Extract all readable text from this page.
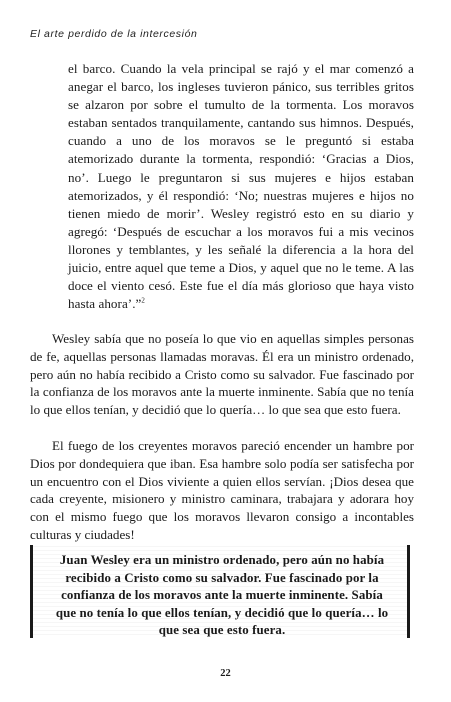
El arte perdido de la intercesión
el barco. Cuando la vela principal se rajó y el mar comenzó a anegar el barco, los ingleses tuvieron pánico, sus terribles gritos se alzaron por sobre el tumulto de la tormenta. Los moravos estaban sentados tranquilamente, cantando sus himnos. Después, cuando a uno de los moravos se le preguntó si estaba atemorizado durante la tormenta, respondió: ‘Gracias a Dios, no’. Luego le preguntaron si sus mujeres e hijos estaban atemorizados, y él respondió: ‘No; nuestras mujeres e hijos no tienen miedo de morir’. Wesley registró esto en su diario y agregó: ‘Después de escuchar a los moravos fui a mis vecinos llorones y temblantes, y les señalé la diferencia a la hora del juicio, entre aquel que teme a Dios, y aquel que no le teme. A las doce el viento cesó. Este fue el día más glorioso que haya visto hasta ahora’.”$^2$

Wesley sabía que no poseía lo que vio en aquellas simples personas de fe, aquellas personas llamadas moravas. Él era un ministro ordenado, pero aún no había recibido a Cristo como su salvador. Fue fascinado por la confianza de los moravos ante la muerte inminente. Sabía que no tenía lo que ellos tenían, y decidió que lo quería… lo que sea que esto fuera.

El fuego de los creyentes moravos pareció encender un hambre por Dios por dondequiera que iban. Esa hambre solo podía ser satisfecha por un encuentro con el Dios viviente a quien ellos servían. ¡Dios desea que cada creyente, misionero y ministro caminara, trabajara y adorara hoy con el mismo fuego que los moravos llevaron consigo a incontables culturas y ciudades!

Juan Wesley era un ministro ordenado, pero aún no había recibido a Cristo como su salvador. Fue fascinado por la confianza de los moravos ante la muerte inminente. Sabía que no tenía lo que ellos tenían, y decidió que lo quería… lo que sea que esto fuera.
22
